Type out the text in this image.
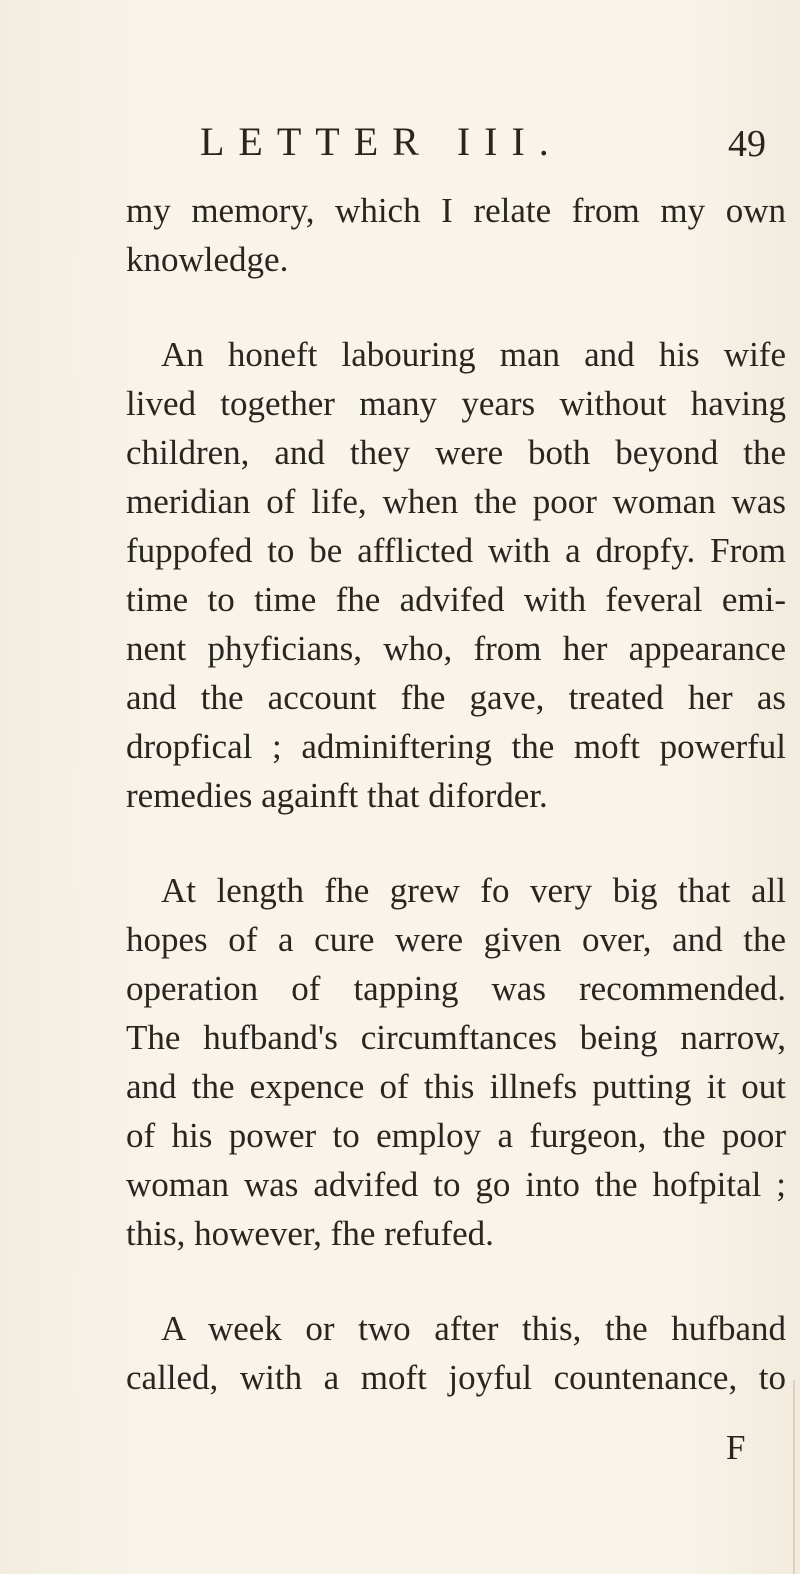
LETTER III.	49
my memory, which I relate from my own
knowledge.
An honeft labouring man and his wife
lived together many years without having
children, and they were both beyond the
meridian of life, when the poor woman was
fuppofed to be afflicted with a dropfy. From
time to time fhe advifed with feveral emi-
nent phyficians, who, from her appearance
and the account fhe gave, treated her as
dropfical ; adminiftering the moft powerful
remedies againft that diforder.
At length fhe grew fo very big that all
hopes of a cure were given over, and the
operation of tapping was recommended.
The hufband's circumftances being narrow,
and the expence of this illnefs putting it out
of his power to employ a furgeon, the poor
woman was advifed to go into the hofpital ;
this, however, fhe refufed.
A week or two after this, the hufband
called, with a moft joyful countenance, to
F
